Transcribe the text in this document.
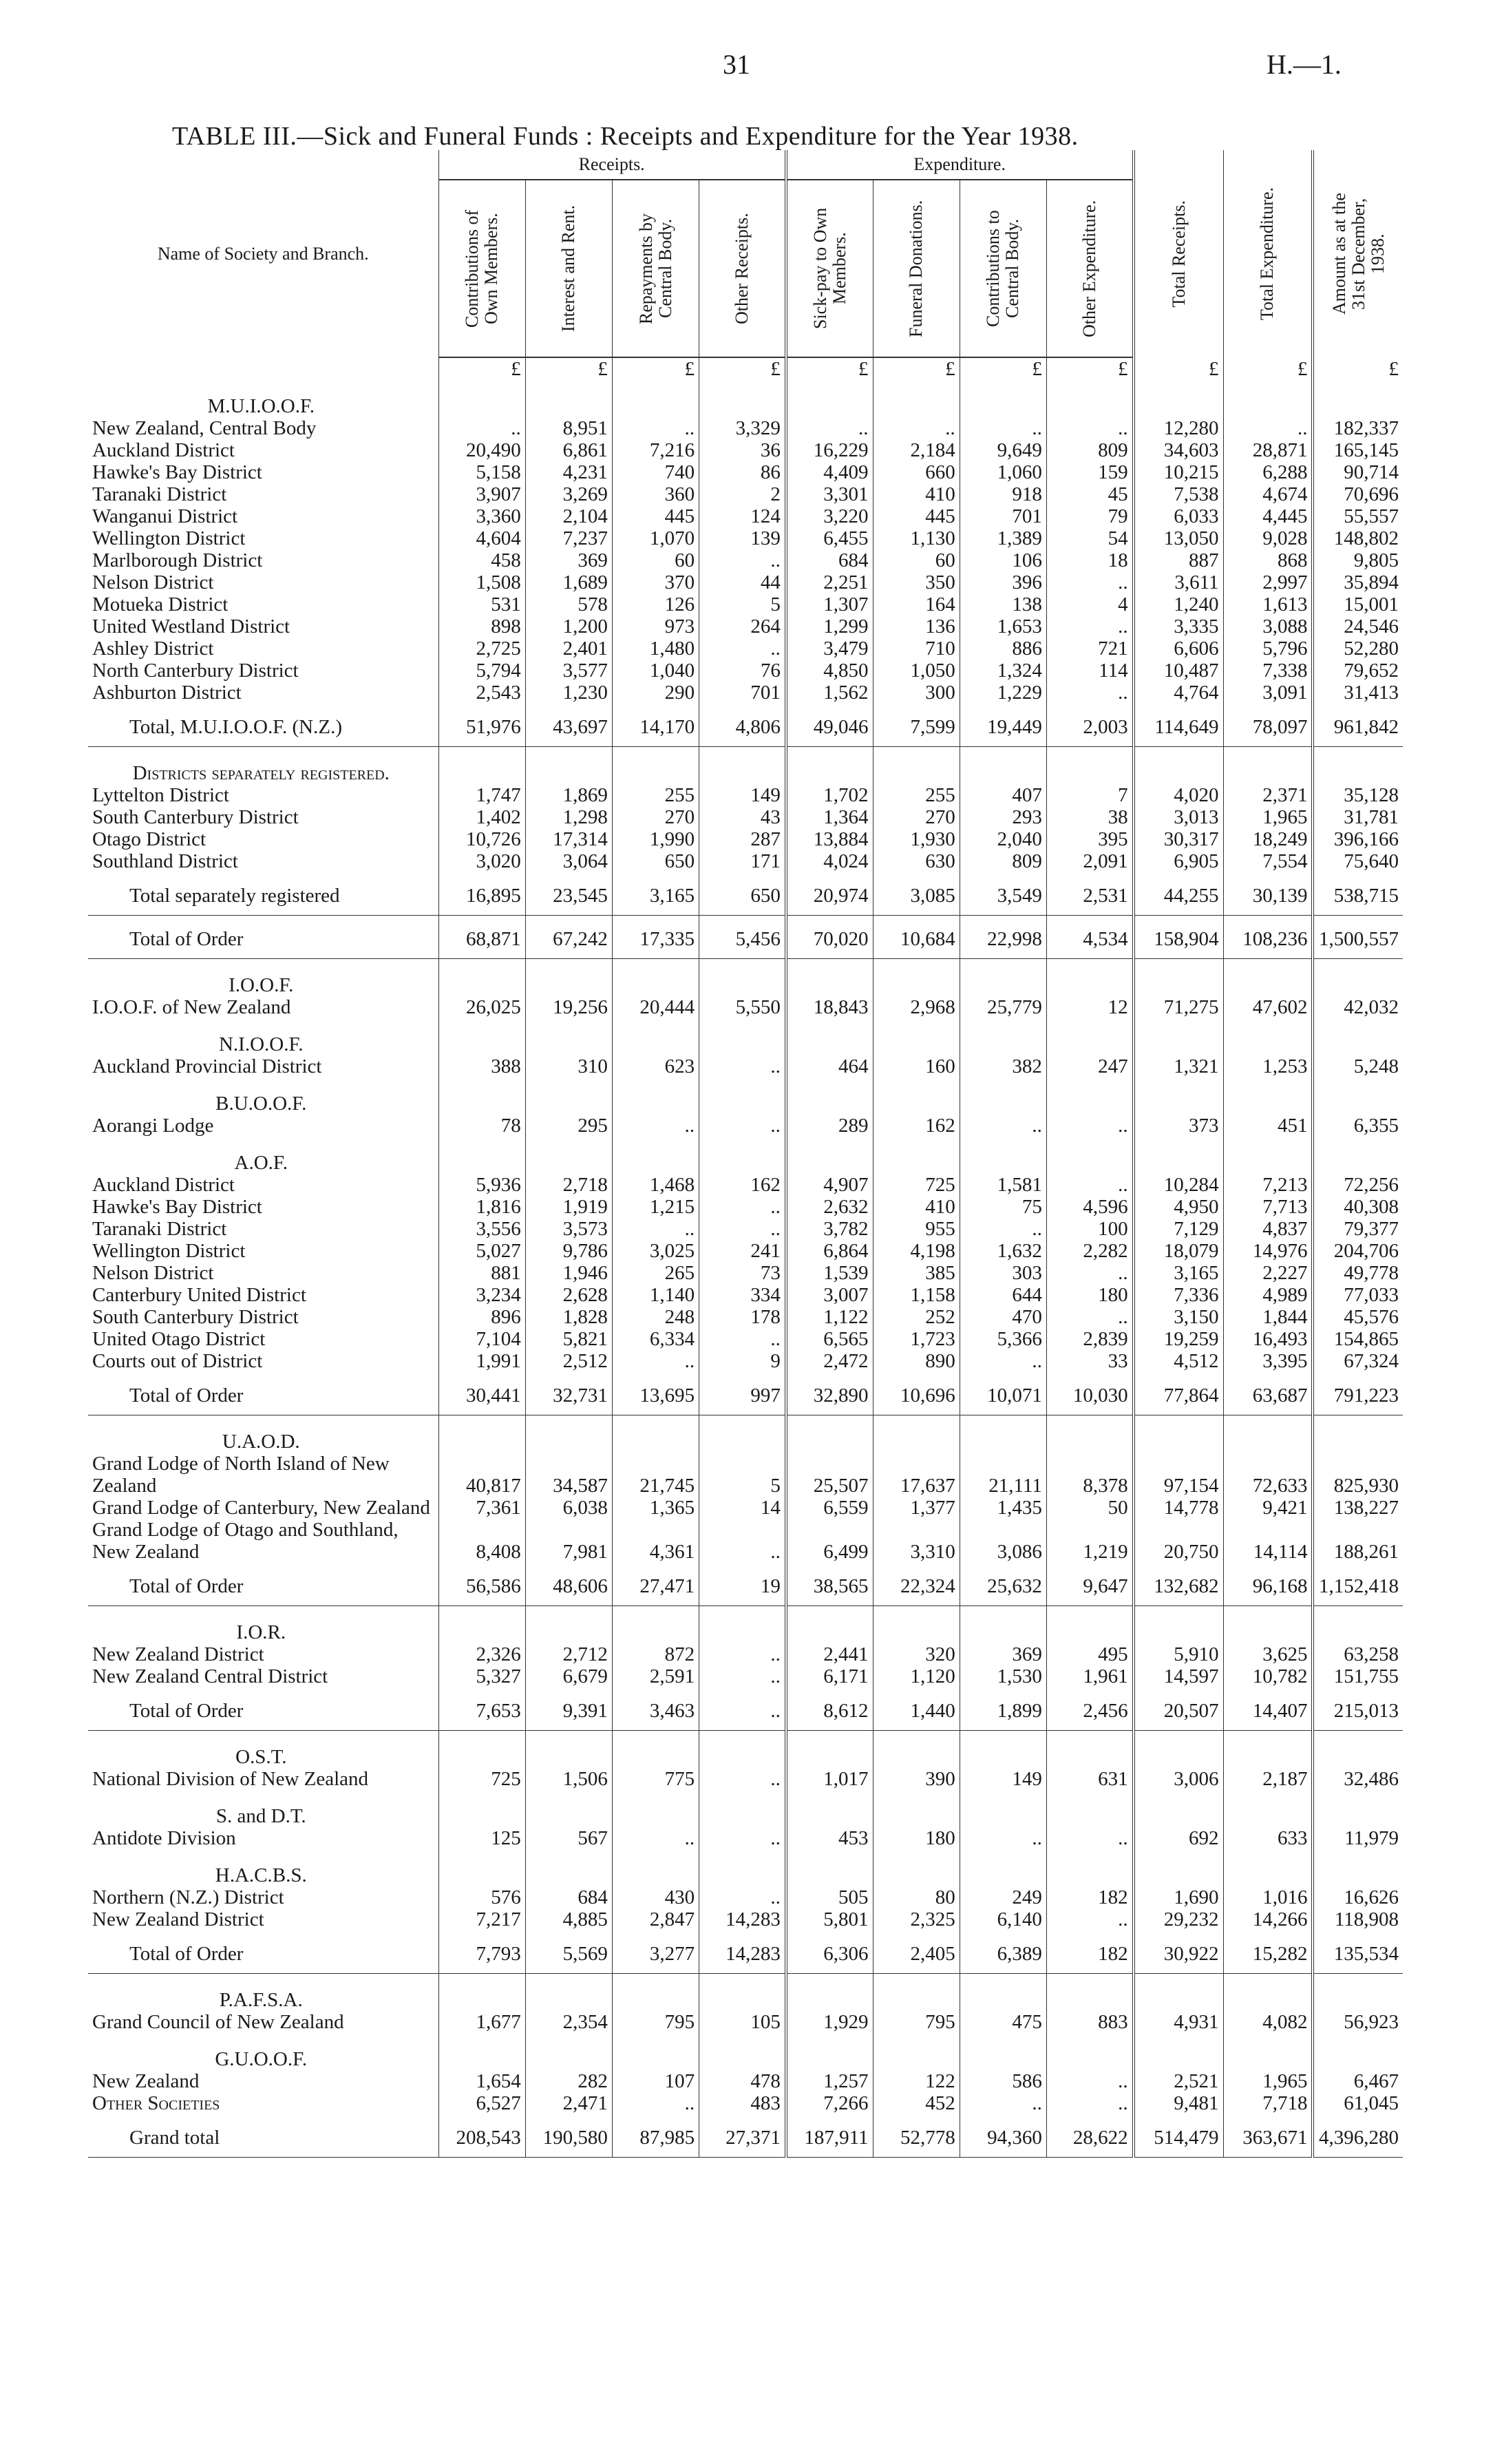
31	H.—1.
TABLE III.—Sick and Funeral Funds : Receipts and Expenditure for the Year 1938.
Name of Society and Branch.	Receipts.				Expenditure.				Total Receipts.	Total Expenditure.	Amount as at the 31st December, 1938.

	Contributions of Own Members.	Interest and Rent.	Repayments by Central Body.	Other Receipts.	Sick-pay to Own Members.	Funeral Donations.	Contributions to Central Body.	Other Expenditure.			

	£	£	£	£	£	£	£	£	£	£	£
M.U.I.O.O.F.											
New Zealand, Central Body	..	8,951	..	3,329	..	..	..	..	12,280	..	182,337
Auckland District	20,490	6,861	7,216	36	16,229	2,184	9,649	809	34,603	28,871	165,145
Hawke's Bay District	5,158	4,231	740	86	4,409	660	1,060	159	10,215	6,288	90,714
Taranaki District	3,907	3,269	360	2	3,301	410	918	45	7,538	4,674	70,696
Wanganui District	3,360	2,104	445	124	3,220	445	701	79	6,033	4,445	55,557
Wellington District	4,604	7,237	1,070	139	6,455	1,130	1,389	54	13,050	9,028	148,802
Marlborough District	458	369	60	..	684	60	106	18	887	868	9,805
Nelson District	1,508	1,689	370	44	2,251	350	396	..	3,611	2,997	35,894
Motueka District	531	578	126	5	1,307	164	138	4	1,240	1,613	15,001
United Westland District	898	1,200	973	264	1,299	136	1,653	..	3,335	3,088	24,546
Ashley District	2,725	2,401	1,480	..	3,479	710	886	721	6,606	5,796	52,280
North Canterbury District	5,794	3,577	1,040	76	4,850	1,050	1,324	114	10,487	7,338	79,652
Ashburton District	2,543	1,230	290	701	1,562	300	1,229	..	4,764	3,091	31,413
Total, M.U.I.O.O.F. (N.Z.)	51,976	43,697	14,170	4,806	49,046	7,599	19,449	2,003	114,649	78,097	961,842
Districts separately registered.											
Lyttelton District	1,747	1,869	255	149	1,702	255	407	7	4,020	2,371	35,128
South Canterbury District	1,402	1,298	270	43	1,364	270	293	38	3,013	1,965	31,781
Otago District	10,726	17,314	1,990	287	13,884	1,930	2,040	395	30,317	18,249	396,166
Southland District	3,020	3,064	650	171	4,024	630	809	2,091	6,905	7,554	75,640
Total separately registered	16,895	23,545	3,165	650	20,974	3,085	3,549	2,531	44,255	30,139	538,715
Total of Order	68,871	67,242	17,335	5,456	70,020	10,684	22,998	4,534	158,904	108,236	1,500,557
I.O.O.F.											
I.O.O.F. of New Zealand	26,025	19,256	20,444	5,550	18,843	2,968	25,779	12	71,275	47,602	42,032
N.I.O.O.F.											
Auckland Provincial District	388	310	623	..	464	160	382	247	1,321	1,253	5,248
B.U.O.O.F.											
Aorangi Lodge	78	295	..	..	289	162	..	..	373	451	6,355
A.O.F.											
Auckland District	5,936	2,718	1,468	162	4,907	725	1,581	..	10,284	7,213	72,256
Hawke's Bay District	1,816	1,919	1,215	..	2,632	410	75	4,596	4,950	7,713	40,308
Taranaki District	3,556	3,573	..	..	3,782	955	..	100	7,129	4,837	79,377
Wellington District	5,027	9,786	3,025	241	6,864	4,198	1,632	2,282	18,079	14,976	204,706
Nelson District	881	1,946	265	73	1,539	385	303	..	3,165	2,227	49,778
Canterbury United District	3,234	2,628	1,140	334	3,007	1,158	644	180	7,336	4,989	77,033
South Canterbury District	896	1,828	248	178	1,122	252	470	..	3,150	1,844	45,576
United Otago District	7,104	5,821	6,334	..	6,565	1,723	5,366	2,839	19,259	16,493	154,865
Courts out of District	1,991	2,512	..	9	2,472	890	..	33	4,512	3,395	67,324
Total of Order	30,441	32,731	13,695	997	32,890	10,696	10,071	10,030	77,864	63,687	791,223
U.A.O.D.											
Grand Lodge of North Island of New Zealand	40,817	34,587	21,745	5	25,507	17,637	21,111	8,378	97,154	72,633	825,930
Grand Lodge of Canterbury, New Zealand	7,361	6,038	1,365	14	6,559	1,377	1,435	50	14,778	9,421	138,227
Grand Lodge of Otago and Southland, New Zealand	8,408	7,981	4,361	..	6,499	3,310	3,086	1,219	20,750	14,114	188,261
Total of Order	56,586	48,606	27,471	19	38,565	22,324	25,632	9,647	132,682	96,168	1,152,418
I.O.R.											
New Zealand District	2,326	2,712	872	..	2,441	320	369	495	5,910	3,625	63,258
New Zealand Central District	5,327	6,679	2,591	..	6,171	1,120	1,530	1,961	14,597	10,782	151,755
Total of Order	7,653	9,391	3,463	..	8,612	1,440	1,899	2,456	20,507	14,407	215,013
O.S.T.											
National Division of New Zealand	725	1,506	775	..	1,017	390	149	631	3,006	2,187	32,486
S. and D.T.											
Antidote Division	125	567	..	..	453	180	..	..	692	633	11,979
H.A.C.B.S.											
Northern (N.Z.) District	576	684	430	..	505	80	249	182	1,690	1,016	16,626
New Zealand District	7,217	4,885	2,847	14,283	5,801	2,325	6,140	..	29,232	14,266	118,908
Total of Order	7,793	5,569	3,277	14,283	6,306	2,405	6,389	182	30,922	15,282	135,534
P.A.F.S.A.											
Grand Council of New Zealand	1,677	2,354	795	105	1,929	795	475	883	4,931	4,082	56,923
G.U.O.O.F.											
New Zealand	1,654	282	107	478	1,257	122	586	..	2,521	1,965	6,467
Other Societies	6,527	2,471	..	483	7,266	452	..	..	9,481	7,718	61,045
Grand total	208,543	190,580	87,985	27,371	187,911	52,778	94,360	28,622	514,479	363,671	4,396,280
